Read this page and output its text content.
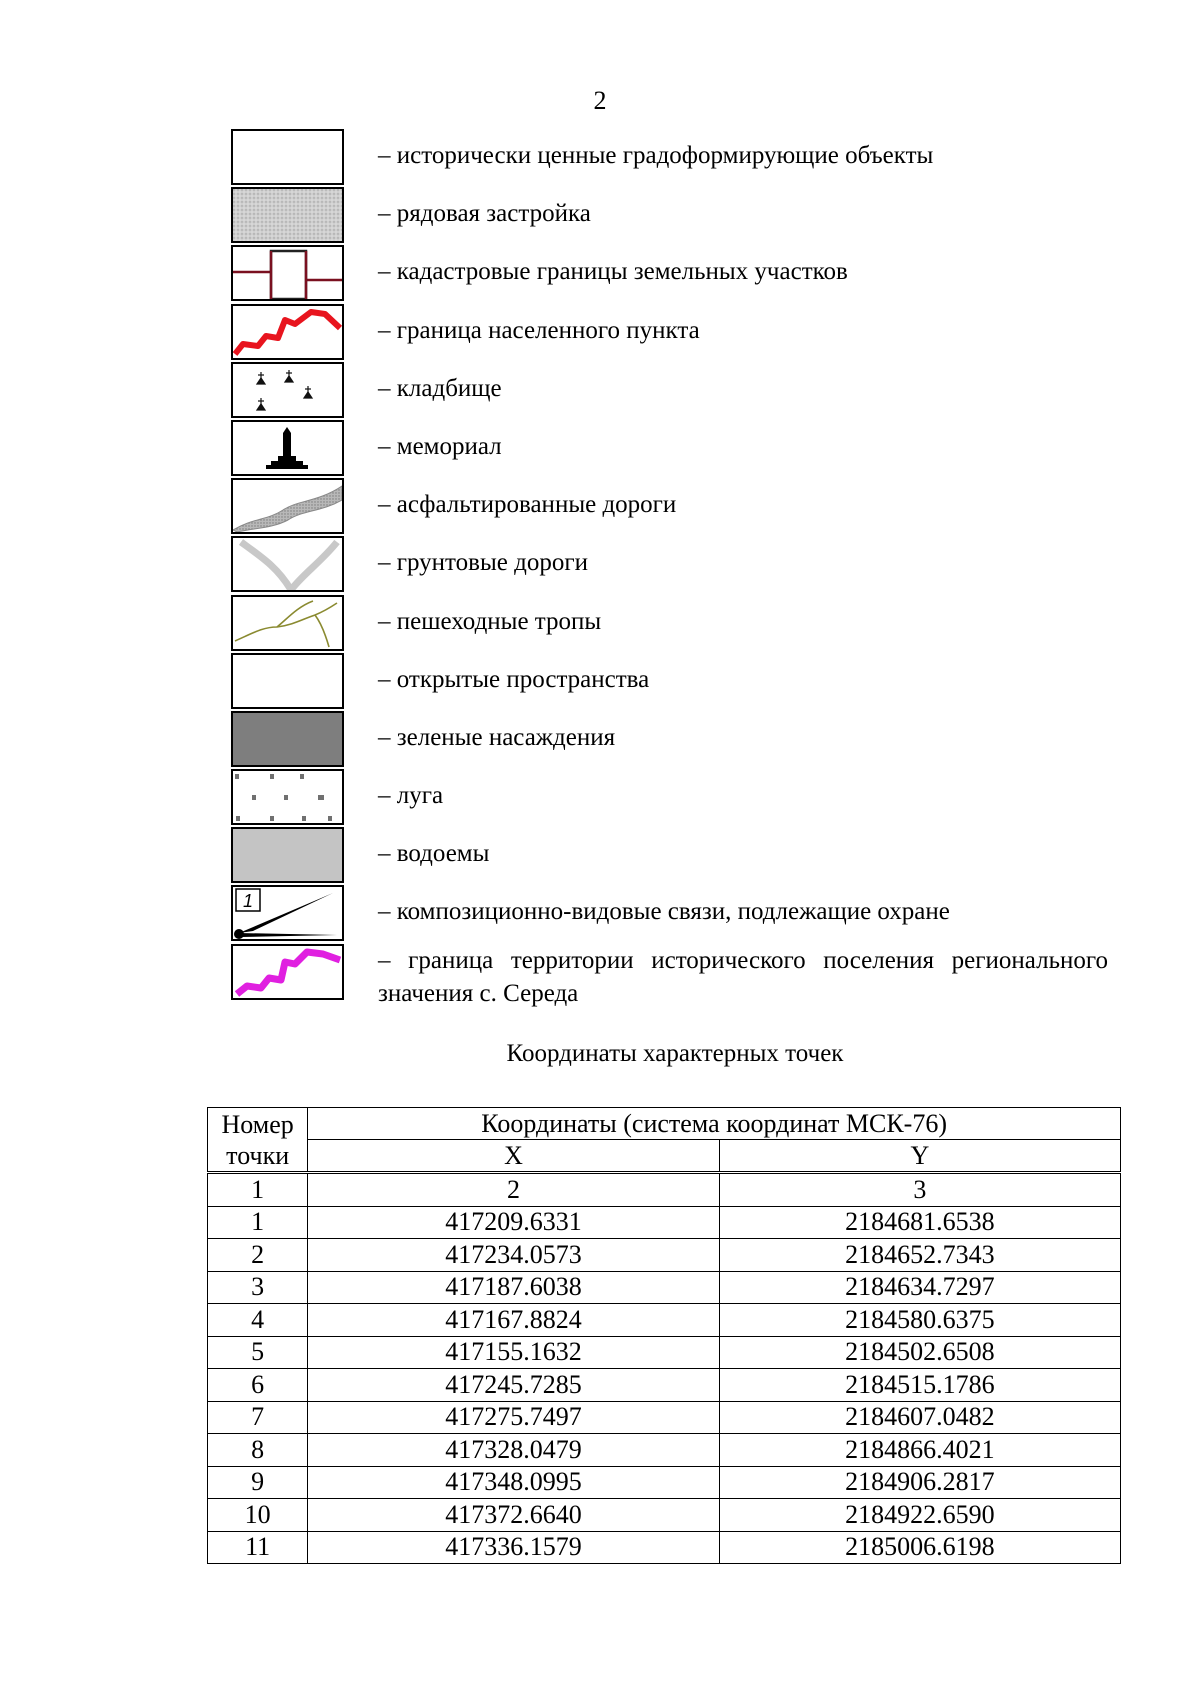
2
– исторически ценные градоформирующие объекты
– рядовая застройка
– кадастровые границы земельных участков
– граница населенного пункта
– кладбище
– мемориал
– асфальтированные дороги
– грунтовые дороги
– пешеходные тропы
– открытые пространства
– зеленые насаждения
– луга
– водоемы
1	– композиционно-видовые связи, подлежащие охране
– граница территории исторического поселения регионального значения с. Середа
Координаты характерных точек
Номер точки	Координаты (система координат МСК-76)	
	X	Y
1	2	3
1	417209.6331	2184681.6538
2	417234.0573	2184652.7343
3	417187.6038	2184634.7297
4	417167.8824	2184580.6375
5	417155.1632	2184502.6508
6	417245.7285	2184515.1786
7	417275.7497	2184607.0482
8	417328.0479	2184866.4021
9	417348.0995	2184906.2817
10	417372.6640	2184922.6590
11	417336.1579	2185006.6198
